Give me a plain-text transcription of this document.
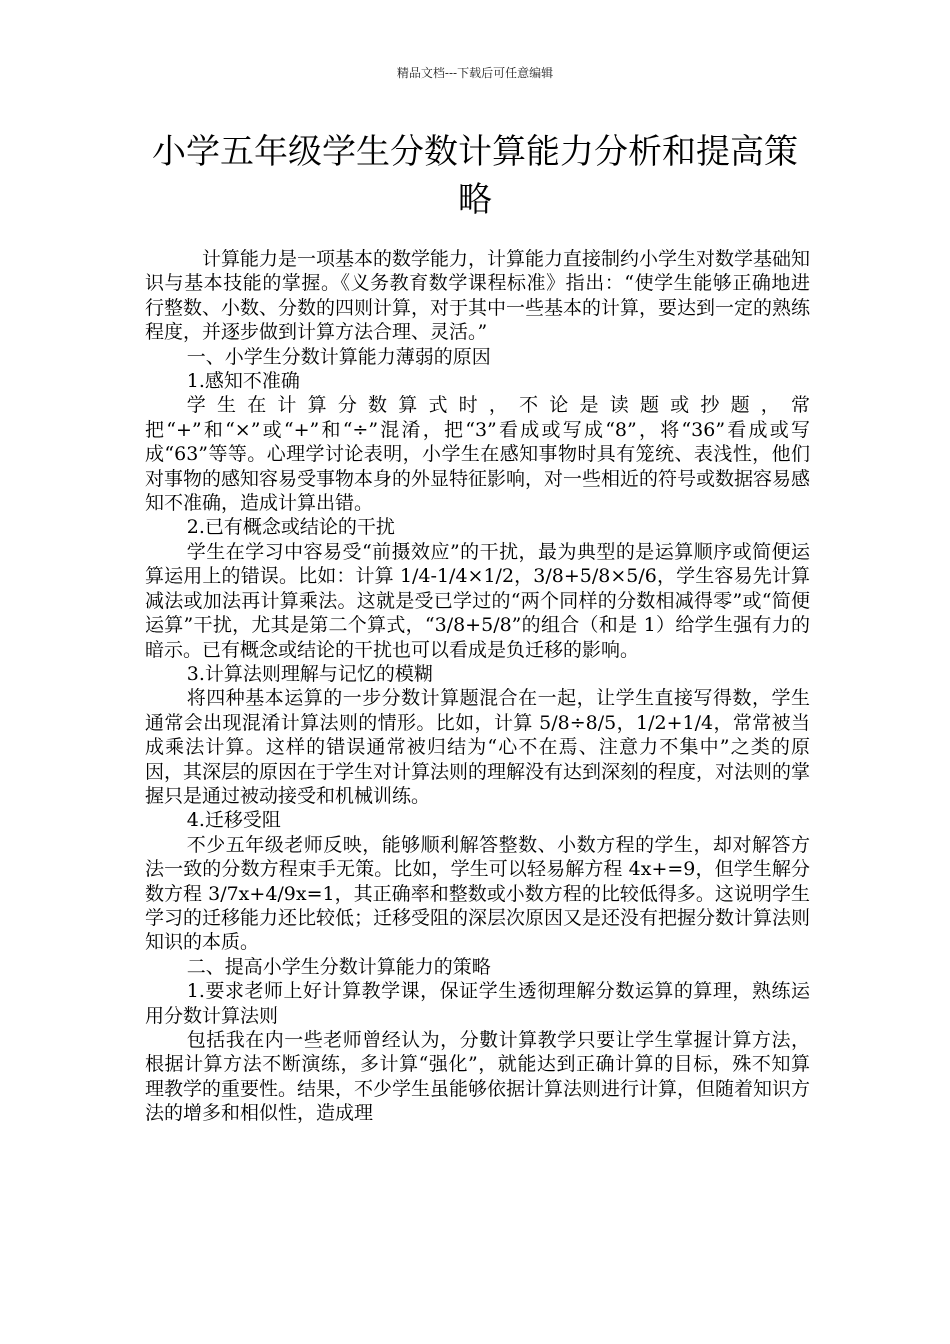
精品文档---下载后可任意编辑
小学五年级学生分数计算能力分析和提高策略

计算能力是一项基本的数学能力，计算能力直接制约小学生对数学基础知识与基本技能的掌握。《义务教育数学课程标准》指出：“使学生能够正确地进行整数、小数、分数的四则计算，对于其中一些基本的计算，要达到一定的熟练程度，并逐步做到计算方法合理、灵活。”

一、小学生分数计算能力薄弱的原因

1.感知不准确

学生在计算分数算式时，不论是读题或抄题，常把“+”和“×”或“+”和“÷”混淆，把“3”看成或写成“8”，将“36”看成或写成“63”等等。心理学讨论表明，小学生在感知事物时具有笼统、表浅性，他们对事物的感知容易受事物本身的外显特征影响，对一些相近的符号或数据容易感知不准确，造成计算出错。

2.已有概念或结论的干扰

学生在学习中容易受“前摄效应”的干扰，最为典型的是运算顺序或简便运算运用上的错误。比如：计算 1/4-1/4×1/2，3/8+5/8×5/6，学生容易先计算减法或加法再计算乘法。这就是受已学过的“两个同样的分数相减得零”或“简便运算”干扰，尤其是第二个算式，“3/8+5/8”的组合（和是 1）给学生强有力的暗示。已有概念或结论的干扰也可以看成是负迁移的影响。

3.计算法则理解与记忆的模糊

将四种基本运算的一步分数计算题混合在一起，让学生直接写得数，学生通常会出现混淆计算法则的情形。比如，计算 5/8÷8/5，1/2+1/4，常常被当成乘法计算。这样的错误通常被归结为“心不在焉、注意力不集中”之类的原因，其深层的原因在于学生对计算法则的理解没有达到深刻的程度，对法则的掌握只是通过被动接受和机械训练。

4.迁移受阻

不少五年级老师反映，能够顺利解答整数、小数方程的学生，却对解答方法一致的分数方程束手无策。比如，学生可以轻易解方程 4x+=9，但学生解分数方程 3/7x+4/9x=1，其正确率和整数或小数方程的比较低得多。这说明学生学习的迁移能力还比较低；迁移受阻的深层次原因又是还没有把握分数计算法则知识的本质。

二、提高小学生分数计算能力的策略

1.要求老师上好计算教学课，保证学生透彻理解分数运算的算理，熟练运用分数计算法则

包括我在内一些老师曾经认为，分數计算教学只要让学生掌握计算方法，根据计算方法不断演练，多计算“强化”，就能达到正确计算的目标，殊不知算理教学的重要性。结果，不少学生虽能够依据计算法则进行计算，但随着知识方法的增多和相似性，造成理
